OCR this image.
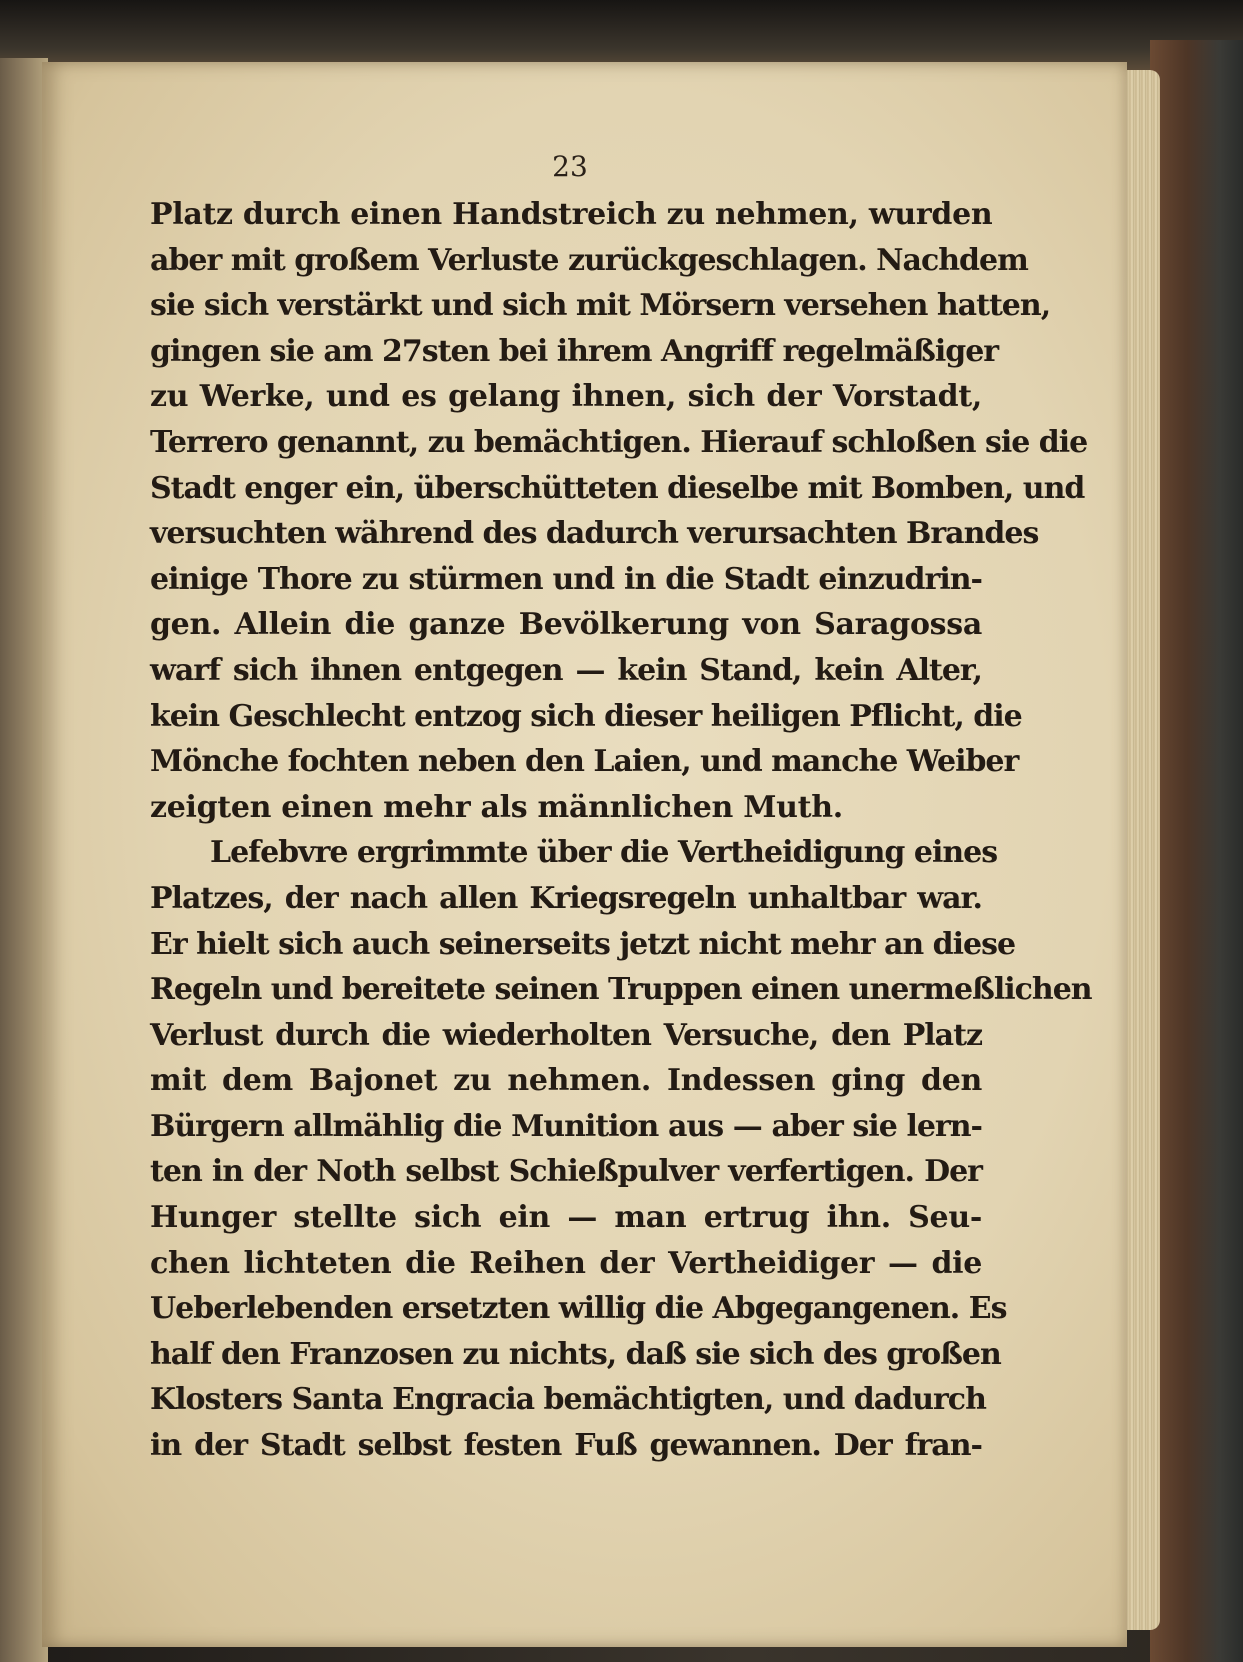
23
Platz durch einen Handstreich zu nehmen, wurden
aber mit großem Verluste zurückgeschlagen. Nachdem
sie sich verstärkt und sich mit Mörsern versehen hatten,
gingen sie am 27sten bei ihrem Angriff regelmäßiger
zu Werke, und es gelang ihnen, sich der Vorstadt,
Terrero genannt, zu bemächtigen. Hierauf schloßen sie die
Stadt enger ein, überschütteten dieselbe mit Bomben, und
versuchten während des dadurch verursachten Brandes
einige Thore zu stürmen und in die Stadt einzudrin-
gen. Allein die ganze Bevölkerung von Saragossa
warf sich ihnen entgegen — kein Stand, kein Alter,
kein Geschlecht entzog sich dieser heiligen Pflicht, die
Mönche fochten neben den Laien, und manche Weiber
zeigten einen mehr als männlichen Muth.
Lefebvre ergrimmte über die Vertheidigung eines
Platzes, der nach allen Kriegsregeln unhaltbar war.
Er hielt sich auch seinerseits jetzt nicht mehr an diese
Regeln und bereitete seinen Truppen einen unermeßlichen
Verlust durch die wiederholten Versuche, den Platz
mit dem Bajonet zu nehmen. Indessen ging den
Bürgern allmählig die Munition aus — aber sie lern-
ten in der Noth selbst Schießpulver verfertigen. Der
Hunger stellte sich ein — man ertrug ihn. Seu-
chen lichteten die Reihen der Vertheidiger — die
Ueberlebenden ersetzten willig die Abgegangenen. Es
half den Franzosen zu nichts, daß sie sich des großen
Klosters Santa Engracia bemächtigten, und dadurch
in der Stadt selbst festen Fuß gewannen. Der fran-
